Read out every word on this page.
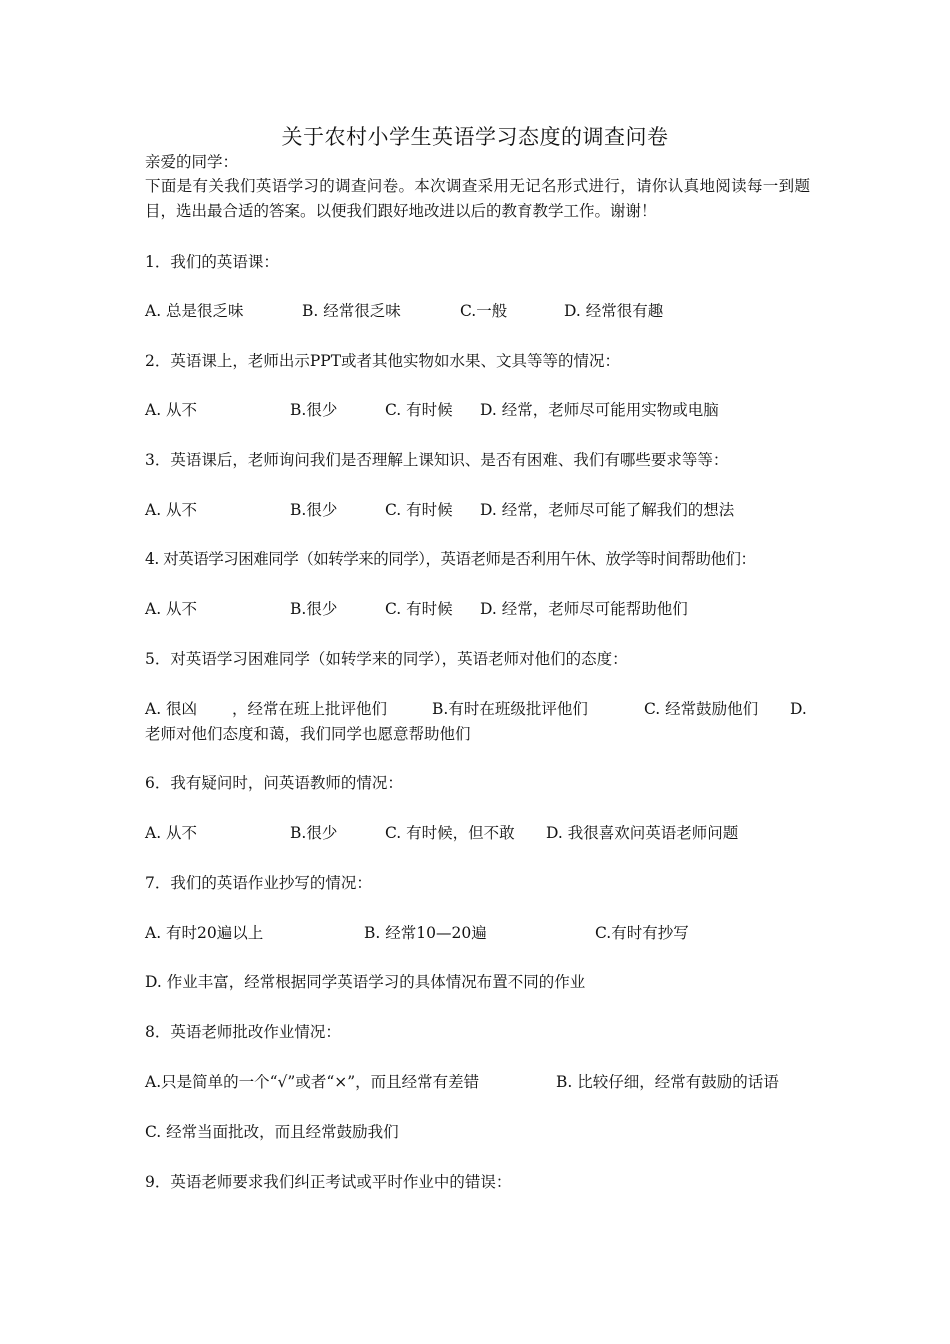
关于农村小学生英语学习态度的调查问卷
亲爱的同学：
下面是有关我们英语学习的调查问卷。本次调查采用无记名形式进行，请你认真地阅读每一到题目，选出最合适的答案。以便我们跟好地改进以后的教育教学工作。谢谢！
1．我们的英语课：
A. 总是很乏味	B. 经常很乏味	C.一般	D. 经常很有趣
2．英语课上，老师出示PPT或者其他实物如水果、文具等等的情况：
A. 从不	B.很少	C. 有时候 D. 经常，老师尽可能用实物或电脑
3．英语课后，老师询问我们是否理解上课知识、是否有困难、我们有哪些要求等等：
A. 从不	B.很少	C. 有时候 D. 经常，老师尽可能了解我们的想法
4. 对英语学习困难同学（如转学来的同学），英语老师是否利用午休、放学等时间帮助他们：
A. 从不	B.很少	C. 有时候 D. 经常，老师尽可能帮助他们
5．对英语学习困难同学（如转学来的同学），英语老师对他们的态度：
A. 很凶 ，经常在班上批评他们	B.有时在班级批评他们	C. 经常鼓励他们 D.
老师对他们态度和蔼，我们同学也愿意帮助他们
6．我有疑问时，问英语教师的情况：
A. 从不	B.很少	C. 有时候，但不敢 D. 我很喜欢问英语老师问题
7．我们的英语作业抄写的情况：
A. 有时20遍以上	B. 经常10—20遍	C.有时有抄写
D. 作业丰富，经常根据同学英语学习的具体情况布置不同的作业
8．英语老师批改作业情况：
A.只是简单的一个“√”或者“×”，而且经常有差错	B. 比较仔细，经常有鼓励的话语
C. 经常当面批改，而且经常鼓励我们
9．英语老师要求我们纠正考试或平时作业中的错误：
